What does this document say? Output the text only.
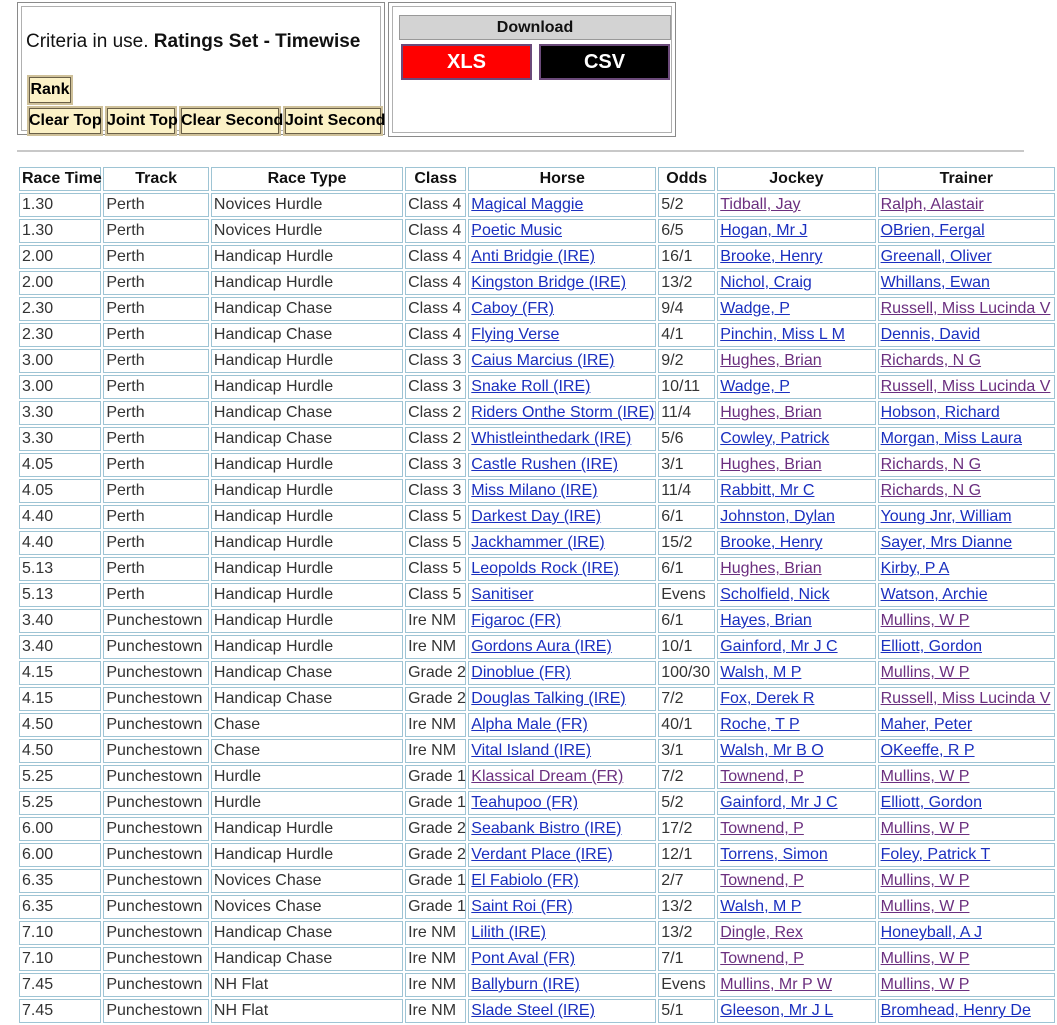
Criteria in use. Ratings Set - Timewise
Rank
Clear Top Joint Top Clear Second Joint Second
Download
XLS	CSV
Race Time	Track	Race Type	Class	Horse	Odds	Jockey	Trainer
1.30	Perth	Novices Hurdle	Class 4	Magical Maggie	5/2	Tidball, Jay	Ralph, Alastair
1.30	Perth	Novices Hurdle	Class 4	Poetic Music	6/5	Hogan, Mr J	OBrien, Fergal
2.00	Perth	Handicap Hurdle	Class 4	Anti Bridgie (IRE)	16/1	Brooke, Henry	Greenall, Oliver
2.00	Perth	Handicap Hurdle	Class 4	Kingston Bridge (IRE)	13/2	Nichol, Craig	Whillans, Ewan
2.30	Perth	Handicap Chase	Class 4	Caboy (FR)	9/4	Wadge, P	Russell, Miss Lucinda V
2.30	Perth	Handicap Chase	Class 4	Flying Verse	4/1	Pinchin, Miss L M	Dennis, David
3.00	Perth	Handicap Hurdle	Class 3	Caius Marcius (IRE)	9/2	Hughes, Brian	Richards, N G
3.00	Perth	Handicap Hurdle	Class 3	Snake Roll (IRE)	10/11	Wadge, P	Russell, Miss Lucinda V
3.30	Perth	Handicap Chase	Class 2	Riders Onthe Storm (IRE)	11/4	Hughes, Brian	Hobson, Richard
3.30	Perth	Handicap Chase	Class 2	Whistleinthedark (IRE)	5/6	Cowley, Patrick	Morgan, Miss Laura
4.05	Perth	Handicap Hurdle	Class 3	Castle Rushen (IRE)	3/1	Hughes, Brian	Richards, N G
4.05	Perth	Handicap Hurdle	Class 3	Miss Milano (IRE)	11/4	Rabbitt, Mr C	Richards, N G
4.40	Perth	Handicap Hurdle	Class 5	Darkest Day (IRE)	6/1	Johnston, Dylan	Young Jnr, William
4.40	Perth	Handicap Hurdle	Class 5	Jackhammer (IRE)	15/2	Brooke, Henry	Sayer, Mrs Dianne
5.13	Perth	Handicap Hurdle	Class 5	Leopolds Rock (IRE)	6/1	Hughes, Brian	Kirby, P A
5.13	Perth	Handicap Hurdle	Class 5	Sanitiser	Evens	Scholfield, Nick	Watson, Archie
3.40	Punchestown	Handicap Hurdle	Ire NM	Figaroc (FR)	6/1	Hayes, Brian	Mullins, W P
3.40	Punchestown	Handicap Hurdle	Ire NM	Gordons Aura (IRE)	10/1	Gainford, Mr J C	Elliott, Gordon
4.15	Punchestown	Handicap Chase	Grade 2	Dinoblue (FR)	100/30	Walsh, M P	Mullins, W P
4.15	Punchestown	Handicap Chase	Grade 2	Douglas Talking (IRE)	7/2	Fox, Derek R	Russell, Miss Lucinda V
4.50	Punchestown	Chase	Ire NM	Alpha Male (FR)	40/1	Roche, T P	Maher, Peter
4.50	Punchestown	Chase	Ire NM	Vital Island (IRE)	3/1	Walsh, Mr B O	OKeeffe, R P
5.25	Punchestown	Hurdle	Grade 1	Klassical Dream (FR)	7/2	Townend, P	Mullins, W P
5.25	Punchestown	Hurdle	Grade 1	Teahupoo (FR)	5/2	Gainford, Mr J C	Elliott, Gordon
6.00	Punchestown	Handicap Hurdle	Grade 2	Seabank Bistro (IRE)	17/2	Townend, P	Mullins, W P
6.00	Punchestown	Handicap Hurdle	Grade 2	Verdant Place (IRE)	12/1	Torrens, Simon	Foley, Patrick T
6.35	Punchestown	Novices Chase	Grade 1	El Fabiolo (FR)	2/7	Townend, P	Mullins, W P
6.35	Punchestown	Novices Chase	Grade 1	Saint Roi (FR)	13/2	Walsh, M P	Mullins, W P
7.10	Punchestown	Handicap Chase	Ire NM	Lilith (IRE)	13/2	Dingle, Rex	Honeyball, A J
7.10	Punchestown	Handicap Chase	Ire NM	Pont Aval (FR)	7/1	Townend, P	Mullins, W P
7.45	Punchestown	NH Flat	Ire NM	Ballyburn (IRE)	Evens	Mullins, Mr P W	Mullins, W P
7.45	Punchestown	NH Flat	Ire NM	Slade Steel (IRE)	5/1	Gleeson, Mr J L	Bromhead, Henry De
